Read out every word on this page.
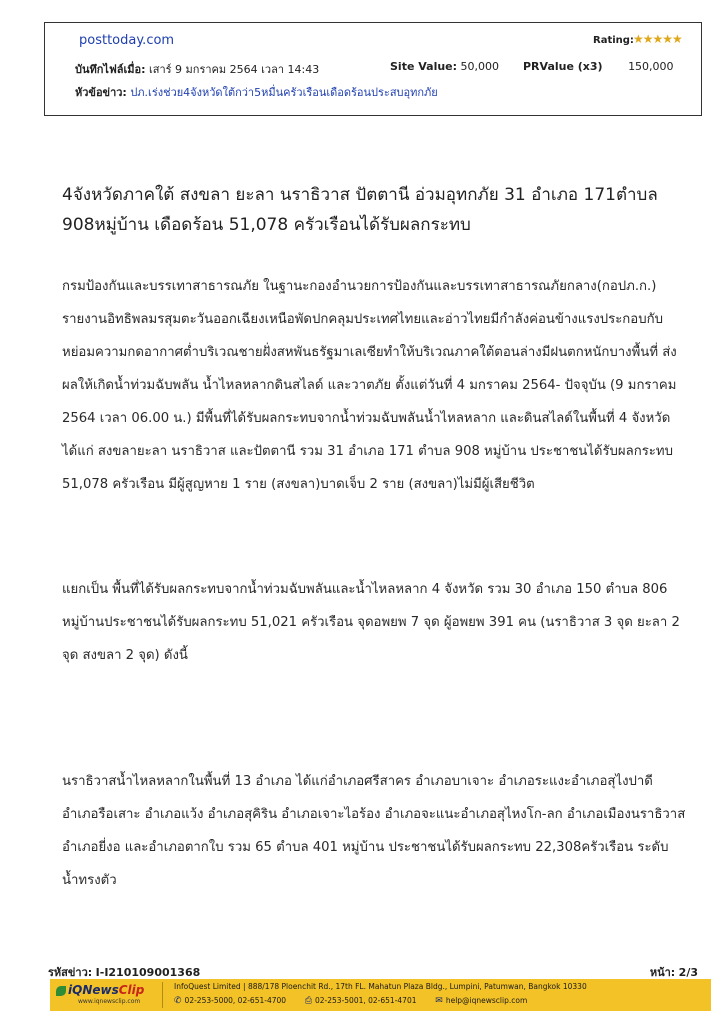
posttoday.com	Rating: ★★★★★
บันทึกไฟล์เมื่อ: เสาร์ 9 มกราคม 2564 เวลา 14:43	Site Value: 50,000 PRValue (x3) 150,000
หัวข้อข่าว: ปภ.เร่งช่วย4จังหวัดใต้กว่า5หมื่นครัวเรือนเดือดร้อนประสบอุทกภัย
4จังหวัดภาคใต้ สงขลา ยะลา นราธิวาส ปัตตานี อ่วมอุทกภัย 31 อำเภอ 171ตำบล 908หมู่บ้าน เดือดร้อน 51,078 ครัวเรือนได้รับผลกระทบ

กรมป้องกันและบรรเทาสาธารณภัย ในฐานะกองอำนวยการป้องกันและบรรเทาสาธารณภัยกลาง(กอปภ.ก.) รายงานอิทธิพลมรสุมตะวันออกเฉียงเหนือพัดปกคลุมประเทศไทยและอ่าวไทยมีกำลังค่อนข้างแรงประกอบกับหย่อมความกดอากาศต่ำบริเวณชายฝั่งสหพันธรัฐมาเลเซียทำให้บริเวณภาคใต้ตอนล่างมีฝนตกหนักบางพื้นที่ ส่งผลให้เกิดน้ำท่วมฉับพลัน น้ำไหลหลากดินสไลด์ และวาตภัย ตั้งแต่วันที่ 4 มกราคม 2564- ปัจจุบัน (9 มกราคม 2564 เวลา 06.00 น.) มีพื้นที่ได้รับผลกระทบจากน้ำท่วมฉับพลันน้ำไหลหลาก และดินสไลด์ในพื้นที่ 4 จังหวัด ได้แก่ สงขลายะลา นราธิวาส และปัตตานี รวม 31 อำเภอ 171 ตำบล 908 หมู่บ้าน ประชาชนได้รับผลกระทบ 51,078 ครัวเรือน มีผู้สูญหาย 1 ราย (สงขลา)บาดเจ็บ 2 ราย (สงขลา)ไม่มีผู้เสียชีวิต

แยกเป็น พื้นที่ได้รับผลกระทบจากน้ำท่วมฉับพลันและน้ำไหลหลาก 4 จังหวัด รวม 30 อำเภอ 150 ตำบล 806 หมู่บ้านประชาชนได้รับผลกระทบ 51,021 ครัวเรือน จุดอพยพ 7 จุด ผู้อพยพ 391 คน (นราธิวาส 3 จุด ยะลา 2 จุด สงขลา 2 จุด) ดังนี้

นราธิวาสน้ำไหลหลากในพื้นที่ 13 อำเภอ ได้แก่อำเภอศรีสาคร อำเภอบาเจาะ อำเภอระแงะอำเภอสุไงปาดี อำเภอรือเสาะ อำเภอแว้ง อำเภอสุคิริน อำเภอเจาะไอร้อง อำเภอจะแนะอำเภอสุไหงโก-ลก อำเภอเมืองนราธิวาส อำเภอยี่งอ และอำเภอตากใบ รวม 65 ตำบล 401 หมู่บ้าน ประชาชนได้รับผลกระทบ 22,308ครัวเรือน ระดับน้ำทรงตัว

รหัสข่าว: I-I210109001368	หน้า: 2/3
iQNewsClip
www.iqnewsclip.com
InfoQuest Limited | 888/178 Ploenchit Rd., 17th FL. Mahatun Plaza Bldg., Lumpini, Patumwan, Bangkok 10330
✆ 02-253-5000, 02-651-4700 ⎙ 02-253-5001, 02-651-4701 ✉ help@iqnewsclip.com
